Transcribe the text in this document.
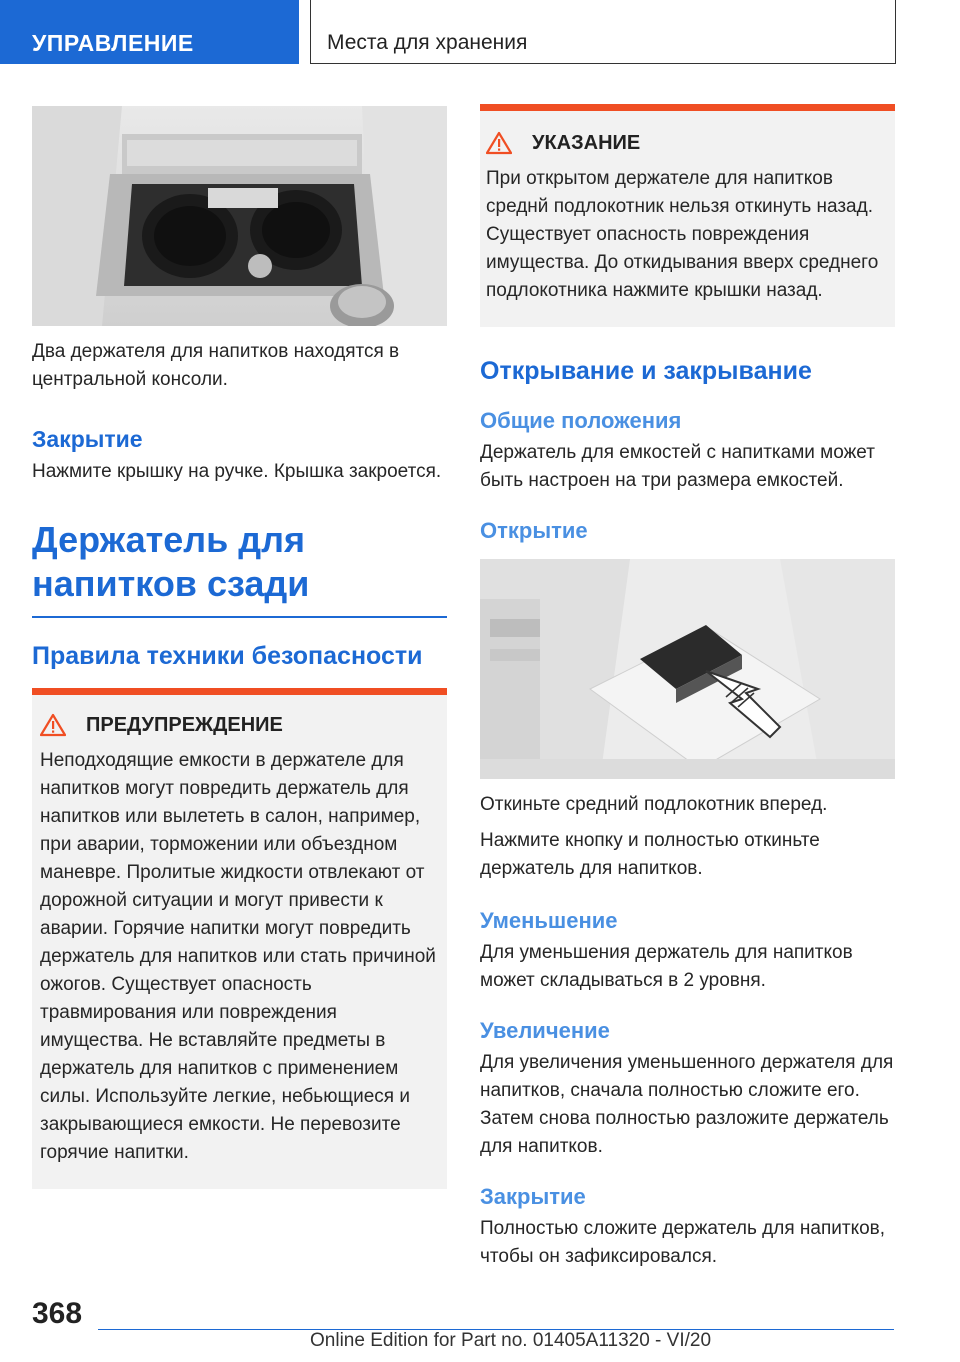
УПРАВЛЕНИЕ	Места для хранения

Два держателя для напитков находятся в центральной консоли.

Закрытие

Нажмите крышку на ручке. Крышка закроется.

Держатель для напитков сзади
Правила техники безопасности
ПРЕДУПРЕЖДЕНИЕ

Неподходящие емкости в держателе для напитков могут повредить держатель для напитков или вылететь в салон, например, при аварии, торможении или объездном маневре. Пролитые жидкости отвлекают от дорожной ситуации и могут привести к аварии. Горячие напитки могут повредить держатель для напитков или стать причиной ожогов. Существует опасность травмирования или повреждения имущества. Не вставляйте предметы в держатель для напитков с применением силы. Используйте легкие, небьющиеся и закрывающиеся емкости. Не перевозите горячие напитки.

УКАЗАНИЕ

При открытом держателе для напитков среднй подлокотник нельзя откинуть назад. Существует опасность повреждения имущества. До откидывания вверх среднего подлокотника нажмите крышки назад.

Открывание и закрывание
Общие положения

Держатель для емкостей с напитками может быть настроен на три размера емкостей.

Открытие

Откиньте средний подлокотник вперед.

Нажмите кнопку и полностью откиньте держатель для напитков.

Уменьшение

Для уменьшения держатель для напитков может складываться в 2 уровня.

Увеличение

Для увеличения уменьшенного держателя для напитков, сначала полностью сложите его. Затем снова полностью разложите держатель для напитков.

Закрытие

Полностью сложите держатель для напитков, чтобы он зафиксировался.

368
Online Edition for Part no. 01405A11320 - VI/20
